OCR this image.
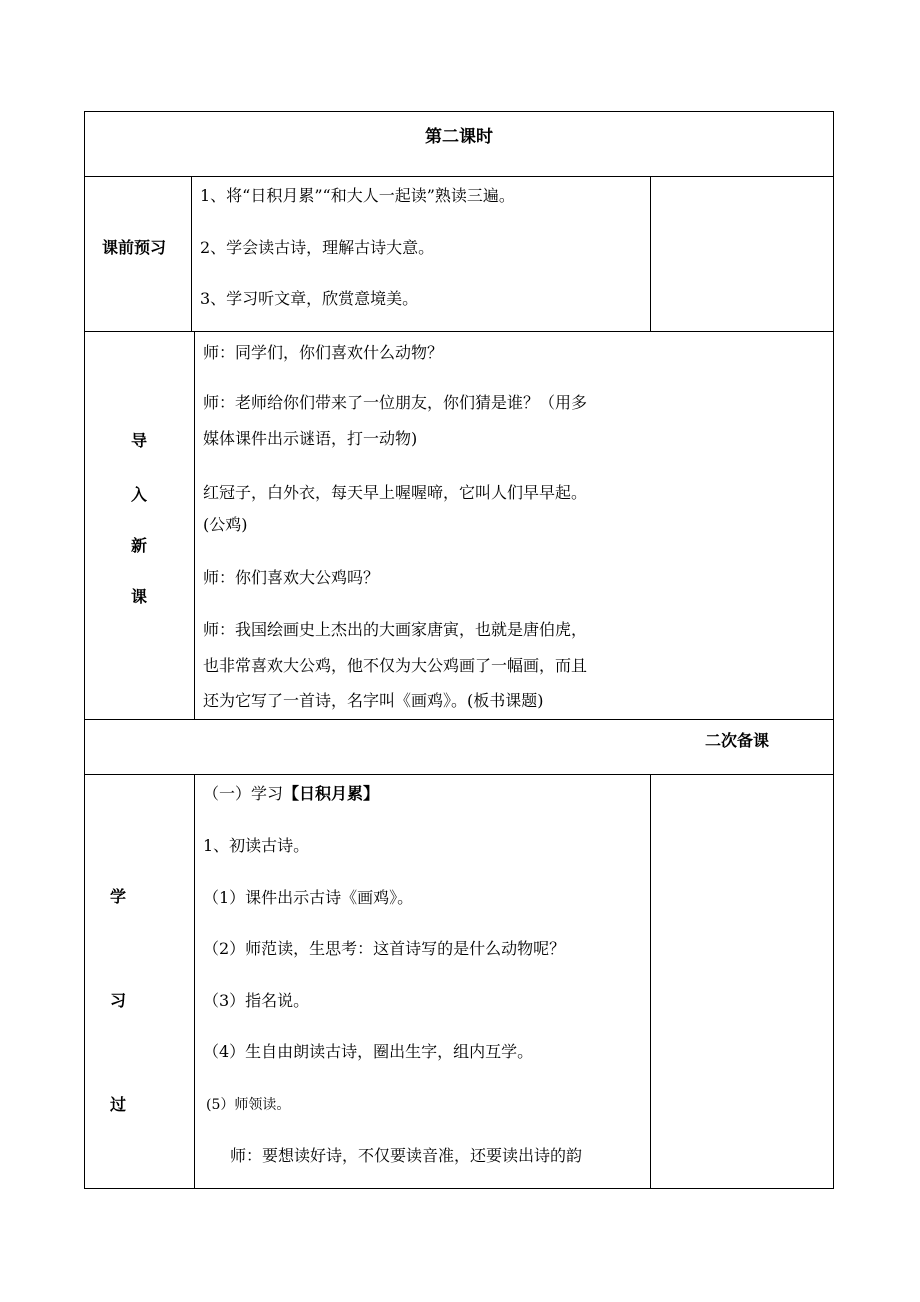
第二课时
课前预习
1、将“日积月累”“和大人一起读”熟读三遍。
2、学会读古诗，理解古诗大意。
3、学习听文章，欣赏意境美。
导
入
新
课
师：同学们，你们喜欢什么动物？
师：老师给你们带来了一位朋友，你们猜是谁？（用多
媒体课件出示谜语，打一动物)
红冠子，白外衣，每天早上喔喔啼，它叫人们早早起。
(公鸡)
师：你们喜欢大公鸡吗？
师：我国绘画史上杰出的大画家唐寅，也就是唐伯虎，
也非常喜欢大公鸡，他不仅为大公鸡画了一幅画，而且
还为它写了一首诗，名字叫《画鸡》。(板书课题)
二次备课
学
习
过
（一）学习【日积月累】
1、初读古诗。
（1）课件出示古诗《画鸡》。
（2）师范读，生思考：这首诗写的是什么动物呢？
（3）指名说。
（4）生自由朗读古诗，圈出生字，组内互学。
(5）师领读。
师：要想读好诗，不仅要读音准，还要读出诗的韵
